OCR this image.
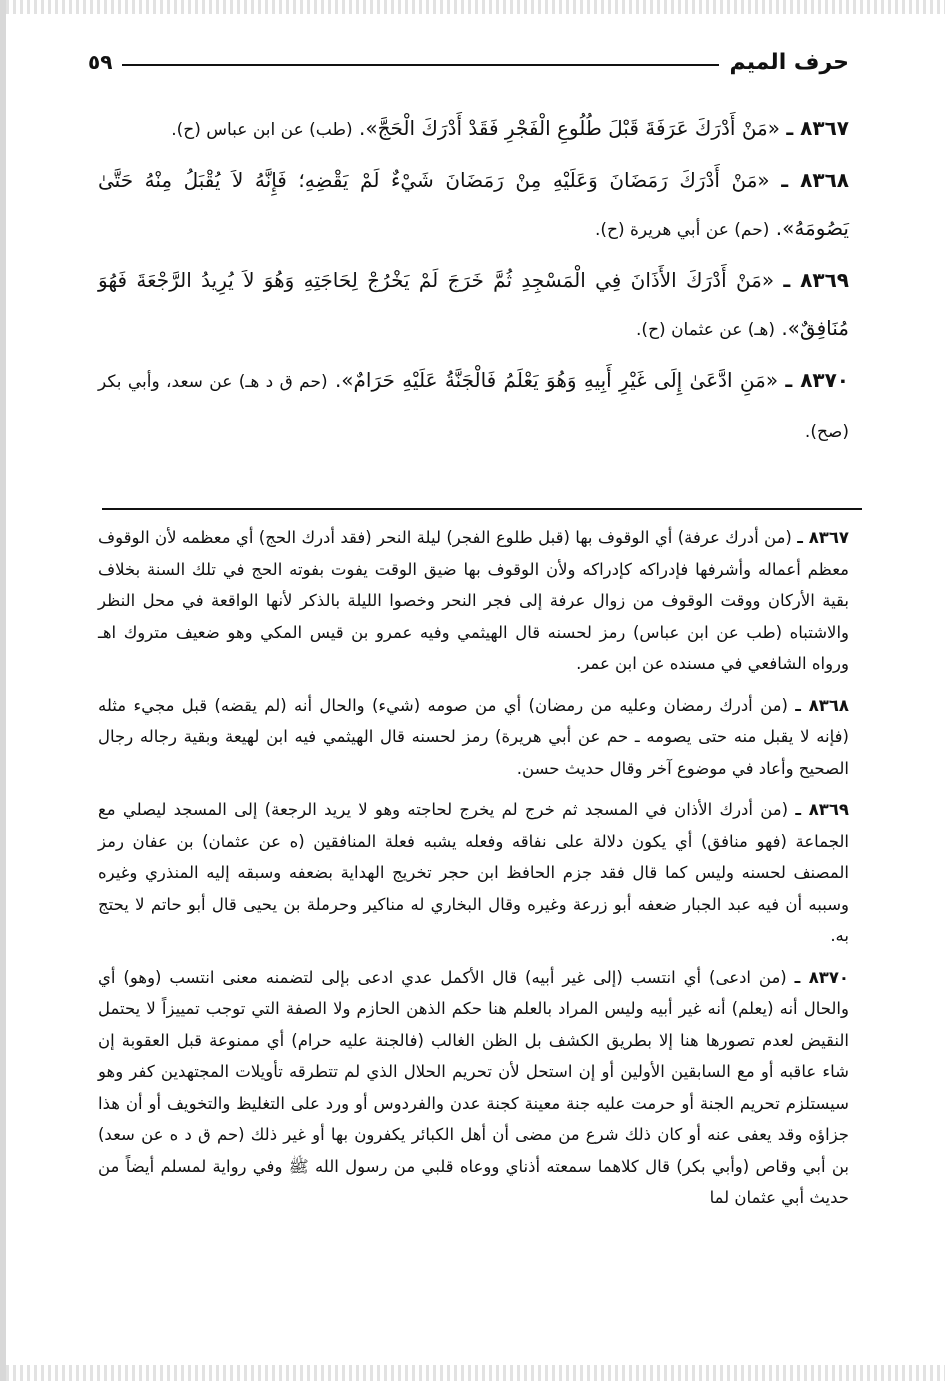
حرف الميم
٥٩

٨٣٦٧ ـ «مَنْ أَدْرَكَ عَرَفَةَ قَبْلَ طُلُوعِ الْفَجْرِ فَقَدْ أَدْرَكَ الْحَجَّ». (طب) عن ابن عباس (ح).

٨٣٦٨ ـ «مَنْ أَدْرَكَ رَمَضَانَ وَعَلَيْهِ مِنْ رَمَضَانَ شَيْءٌ لَمْ يَقْضِهِ؛ فَإِنَّهُ لاَ يُقْبَلُ مِنْهُ حَتَّىٰ يَصُومَهُ». (حم) عن أبي هريرة (ح).

٨٣٦٩ ـ «مَنْ أَدْرَكَ الأَذَانَ فِي الْمَسْجِدِ ثُمَّ خَرَجَ لَمْ يَخْرُجْ لِحَاجَتِهِ وَهُوَ لاَ يُرِيدُ الرَّجْعَةَ فَهُوَ مُنَافِقٌ». (هـ) عن عثمان (ح).

٨٣٧٠ ـ «مَنِ ادَّعَىٰ إِلَى غَيْرِ أَبِيهِ وَهُوَ يَعْلَمُ فَالْجَنَّةُ عَلَيْهِ حَرَامٌ». (حم ق د هـ) عن سعد، وأبي بكر (صح).

٨٣٦٧ ـ (من أدرك عرفة) أي الوقوف بها (قبل طلوع الفجر) ليلة النحر (فقد أدرك الحج) أي معظمه لأن الوقوف معظم أعماله وأشرفها فإدراكه كإدراكه ولأن الوقوف بها ضيق الوقت يفوت بفوته الحج في تلك السنة بخلاف بقية الأركان ووقت الوقوف من زوال عرفة إلى فجر النحر وخصوا الليلة بالذكر لأنها الواقعة في محل النظر والاشتباه (طب عن ابن عباس) رمز لحسنه قال الهيثمي وفيه عمرو بن قيس المكي وهو ضعيف متروك اهـ ورواه الشافعي في مسنده عن ابن عمر.

٨٣٦٨ ـ (من أدرك رمضان وعليه من رمضان) أي من صومه (شيء) والحال أنه (لم يقضه) قبل مجيء مثله (فإنه لا يقبل منه حتى يصومه ـ حم عن أبي هريرة) رمز لحسنه قال الهيثمي فيه ابن لهيعة وبقية رجاله رجال الصحيح وأعاد في موضوع آخر وقال حديث حسن.

٨٣٦٩ ـ (من أدرك الأذان في المسجد ثم خرج لم يخرج لحاجته وهو لا يريد الرجعة) إلى المسجد ليصلي مع الجماعة (فهو منافق) أي يكون دلالة على نفاقه وفعله يشبه فعلة المنافقين (ه عن عثمان) بن عفان رمز المصنف لحسنه وليس كما قال فقد جزم الحافظ ابن حجر تخريج الهداية بضعفه وسبقه إليه المنذري وغيره وسببه أن فيه عبد الجبار ضعفه أبو زرعة وغيره وقال البخاري له مناكير وحرملة بن يحيى قال أبو حاتم لا يحتج به.

٨٣٧٠ ـ (من ادعى) أي انتسب (إلى غير أبيه) قال الأكمل عدي ادعى بإلى لتضمنه معنى انتسب (وهو) أي والحال أنه (يعلم) أنه غير أبيه وليس المراد بالعلم هنا حكم الذهن الحازم ولا الصفة التي توجب تمييزاً لا يحتمل النقيض لعدم تصورها هنا إلا بطريق الكشف بل الظن الغالب (فالجنة عليه حرام) أي ممنوعة قبل العقوبة إن شاء عاقبه أو مع السابقين الأولين أو إن استحل لأن تحريم الحلال الذي لم تتطرقه تأويلات المجتهدين كفر وهو سيستلزم تحريم الجنة أو حرمت عليه جنة معينة كجنة عدن والفردوس أو ورد على التغليظ والتخويف أو أن هذا جزاؤه وقد يعفى عنه أو كان ذلك شرع من مضى أن أهل الكبائر يكفرون بها أو غير ذلك (حم ق د ه عن سعد) بن أبي وقاص (وأبي بكر) قال كلاهما سمعته أذناي ووعاه قلبي من رسول الله ﷺ وفي رواية لمسلم أيضاً من حديث أبي عثمان لما
